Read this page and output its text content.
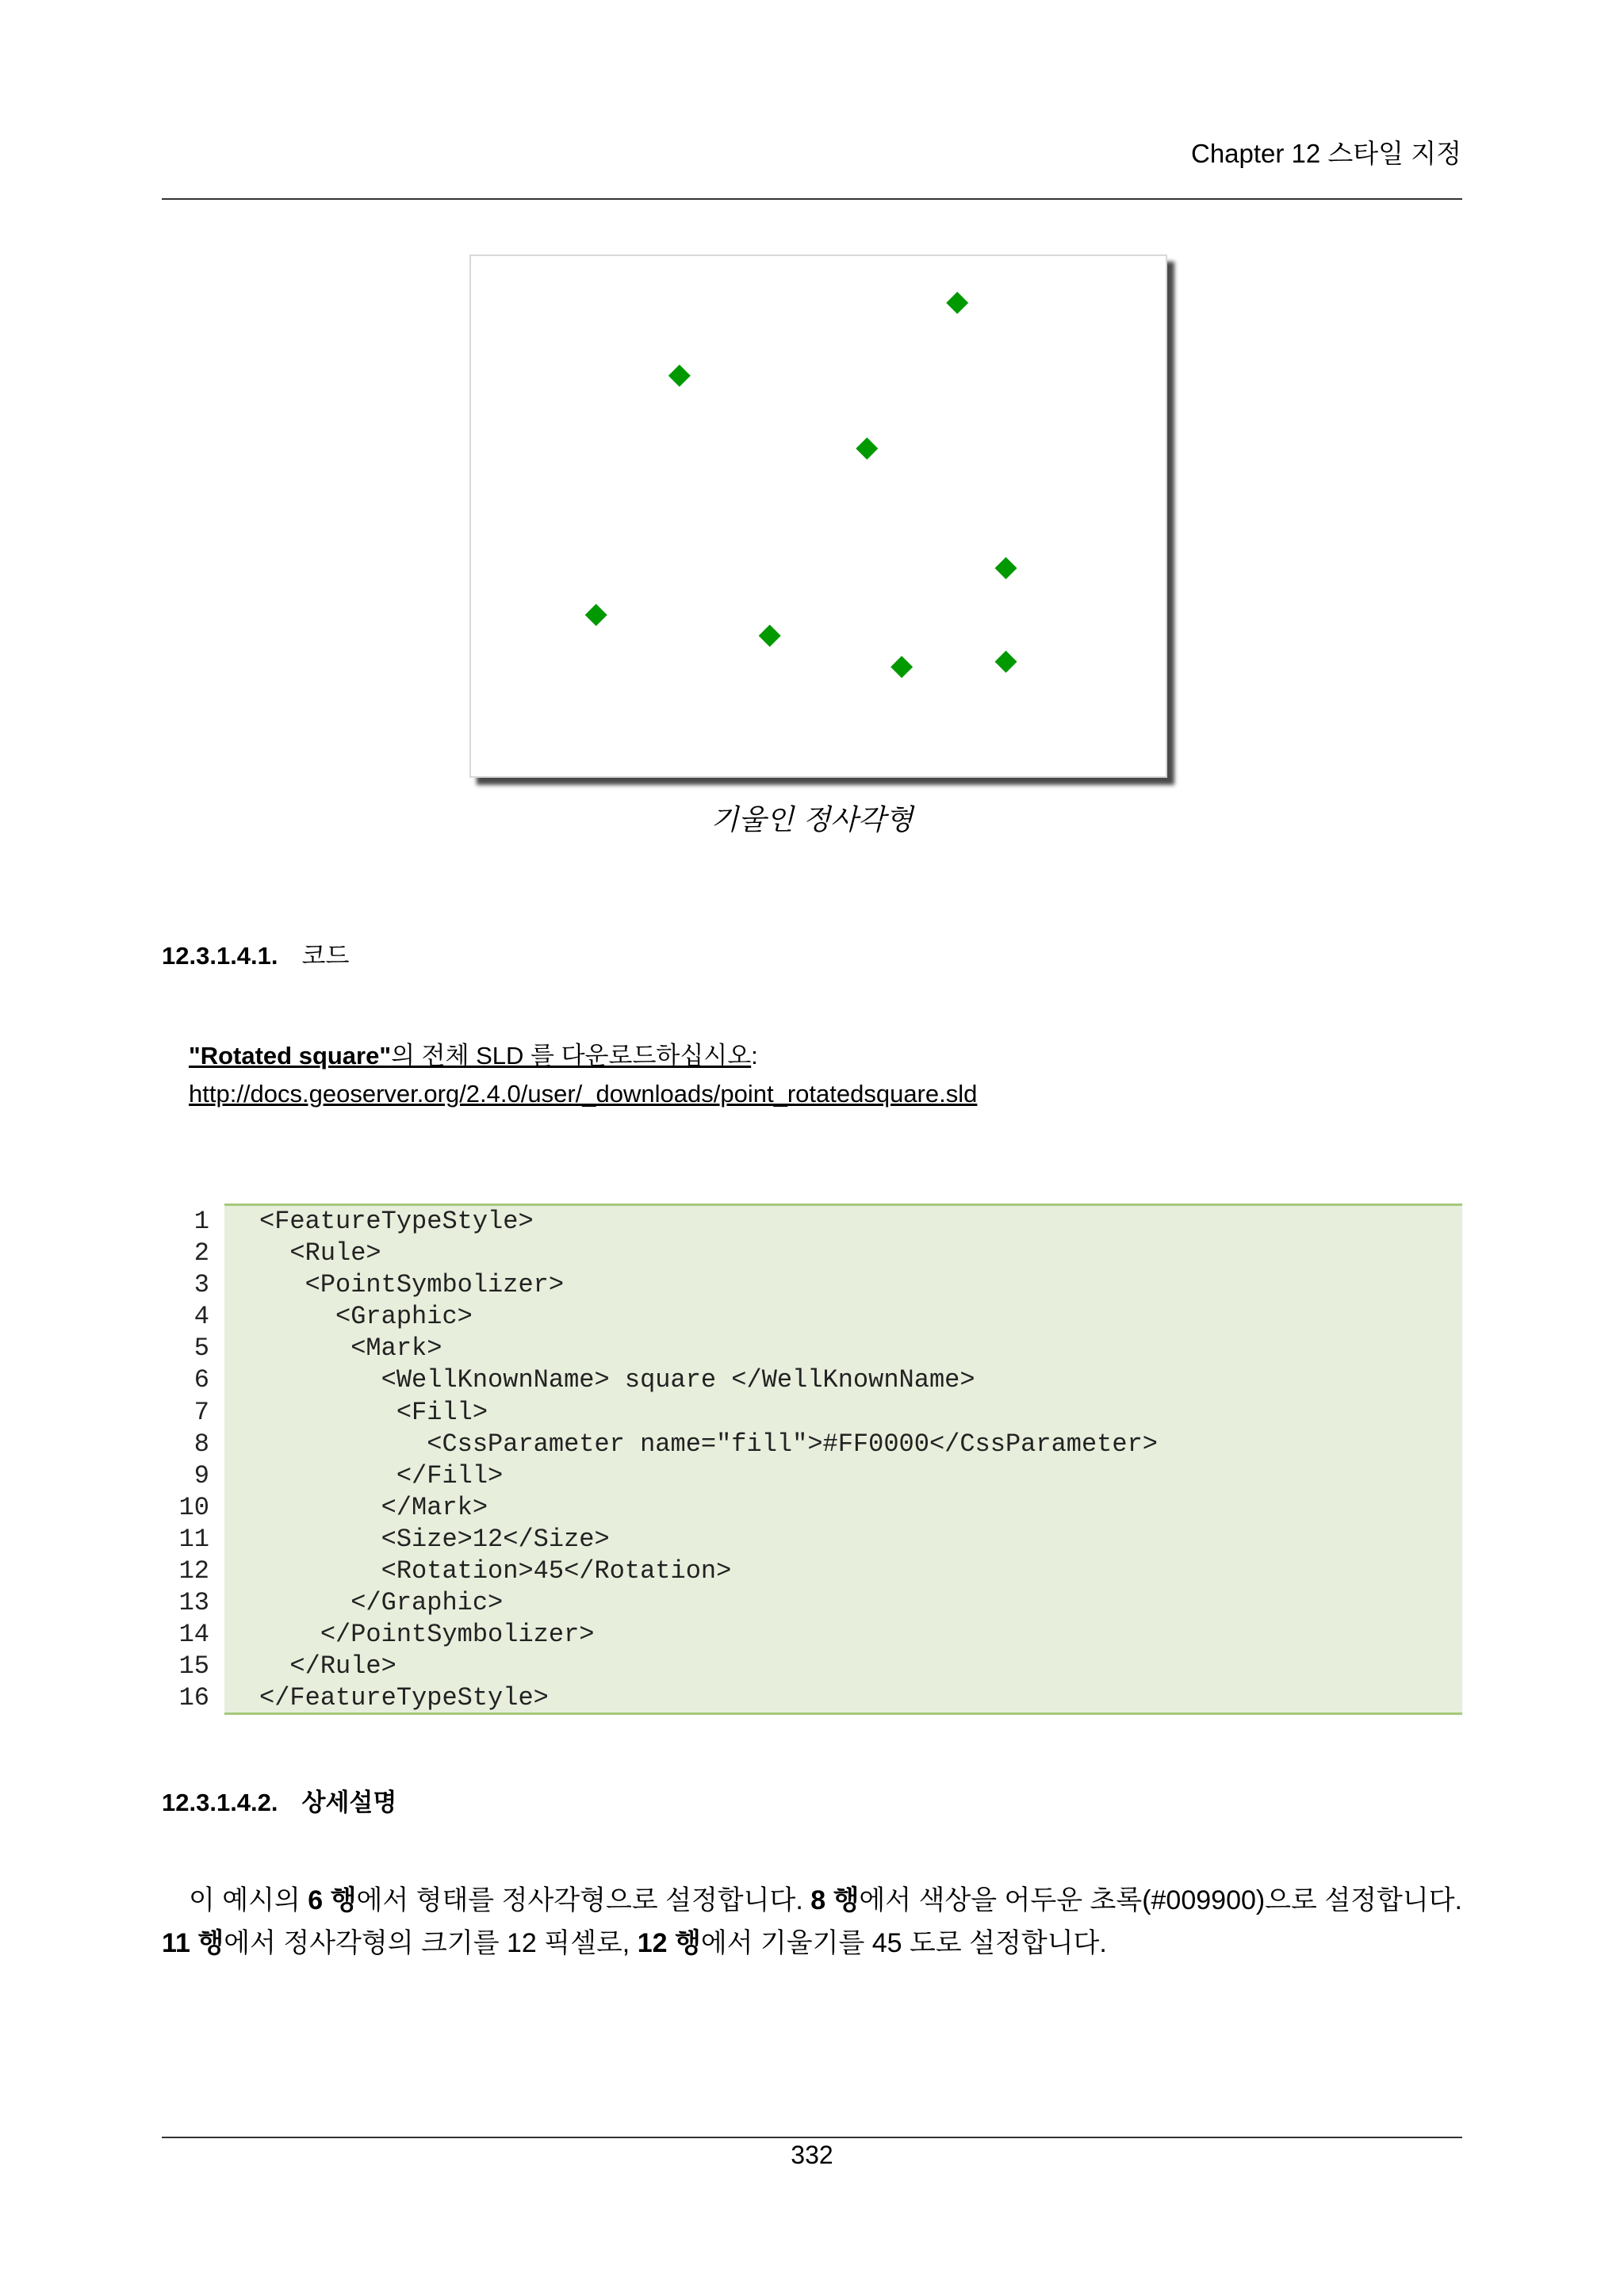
Chapter 12 스타일 지정
기울인 정사각형
12.3.1.4.1. 코드
"Rotated square"의 전체 SLD 를 다운로드하십시오:
http://docs.geoserver.org/2.4.0/user/_downloads/point_rotatedsquare.sld
1
2
3
4
5
6
7
8
9
10
11
12
13
14
15
16
<FeatureTypeStyle>
<Rule>
<PointSymbolizer>
<Graphic>
<Mark>
<WellKnownName> square </WellKnownName>
<Fill>
<CssParameter name="fill">#FF0000</CssParameter>
</Fill>
</Mark>
<Size>12</Size>
<Rotation>45</Rotation>
</Graphic>
</PointSymbolizer>
</Rule>
</FeatureTypeStyle>
12.3.1.4.2. 상세설명

이 예시의 6 행에서 형태를 정사각형으로 설정합니다. 8 행에서 색상을 어두운 초록(#009900)으로 설정합니다. 11 행에서 정사각형의 크기를 12 픽셀로, 12 행에서 기울기를 45 도로 설정합니다.

332
